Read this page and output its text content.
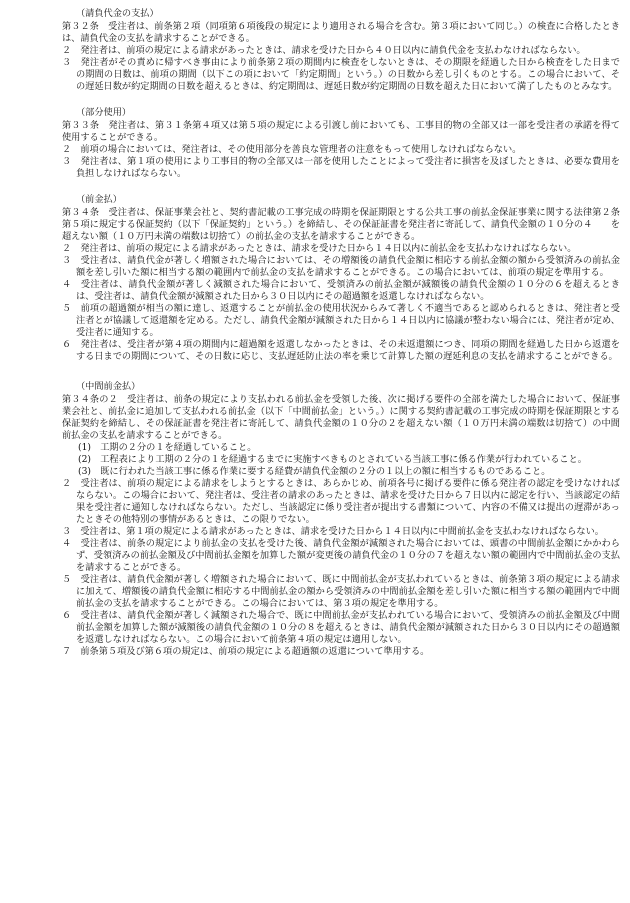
（請負代金の支払）

第３２条　受注者は、前条第２項（同項第６項後段の規定により適用される場合を含む。第３項において同じ。）の検査に合格したときは、請負代金の支払を請求することができる。

２　発注者は、前項の規定による請求があったときは、請求を受けた日から４０日以内に請負代金を支払わなければならない。

３　発注者がその責めに帰すべき事由により前条第２項の期間内に検査をしないときは、その期限を経過した日から検査をした日までの期間の日数は、前項の期間（以下この項において「約定期間」という。）の日数から差し引くものとする。この場合において、その遅延日数が約定期間の日数を超えるときは、約定期間は、遅延日数が約定期間の日数を超えた日において満了したものとみなす。

（部分使用）

第３３条　発注者は、第３１条第４項又は第５項の規定による引渡し前においても、工事目的物の全部又は一部を受注者の承諾を得て使用することができる。

２　前項の場合においては、発注者は、その使用部分を善良な管理者の注意をもって使用しなければならない。

３　発注者は、第１項の使用により工事目的物の全部又は一部を使用したことによって受注者に損害を及ぼしたときは、必要な費用を負担しなければならない。

（前金払）

第３４条　受注者は、保証事業会社と、契約書記載の工事完成の時期を保証期限とする公共工事の前払金保証事業に関する法律第２条第５項に規定する保証契約（以下「保証契約」という。）を締結し、その保証証書を発注者に寄託して、請負代金額の１０分の４　　を超えない額（１０万円未満の端数は切捨て）の前払金の支払を請求することができる。

２　発注者は、前項の規定による請求があったときは、請求を受けた日から１４日以内に前払金を支払わなければならない。

３　受注者は、請負代金が著しく増額された場合においては、その増額後の請負代金額に相応する前払金額の額から受領済みの前払金額を差し引いた額に相当する額の範囲内で前払金の支払を請求することができる。この場合においては、前項の規定を準用する。

４　受注者は、請負代金額が著しく減額された場合において、受領済みの前払金額が減額後の請負代金額の１０分の６を超えるときは、受注者は、請負代金額が減額された日から３０日以内にその超過額を返還しなければならない。

５　前項の超過額が相当の額に達し、返還することが前払金の使用状況からみて著しく不適当であると認められるときは、発注者と受注者とが協議して返還額を定める。ただし、請負代金額が減額された日から１４日以内に協議が整わない場合には、発注者が定め、受注者に通知する。

６　発注者は、受注者が第４項の期間内に超過額を返還しなかったときは、その未返還額につき、同項の期間を経過した日から返還をする日までの期間について、その日数に応じ、支払遅延防止法の率を乗じて計算した額の遅延利息の支払を請求することができる。

（中間前金払）

第３４条の２　受注者は、前条の規定により支払われる前払金を受領した後、次に掲げる要件の全部を満たした場合において、保証事業会社と、前払金に追加して支払われる前払金（以下「中間前払金」という。）に関する契約書記載の工事完成の時期を保証期限とする保証契約を締結し、その保証証書を発注者に寄託して、請負代金額の１０分の２を超えない額（１０万円未満の端数は切捨て）の中間前払金の支払を請求することができる。

(1)　工期の２分の１を経過していること。

(2)　工程表により工期の２分の１を経過するまでに実施すべきものとされている当該工事に係る作業が行われていること。

(3)　既に行われた当該工事に係る作業に要する経費が請負代金額の２分の１以上の額に相当するものであること。

２　受注者は、前項の規定による請求をしようとするときは、あらかじめ、前項各号に掲げる要件に係る発注者の認定を受けなければならない。この場合において、発注者は、受注者の請求のあったときは、請求を受けた日から７日以内に認定を行い、当該認定の結果を受注者に通知しなければならない。ただし、当該認定に係り受注者が提出する書類について、内容の不備又は提出の遅滞があったときその他特別の事情があるときは、この限りでない。

３　受注者は、第１項の規定による請求があったときは、請求を受けた日から１４日以内に中間前払金を支払わなければならない。

４　受注者は、前条の規定により前払金の支払を受けた後、請負代金額が減額された場合においては、頭書の中間前払金額にかかわらず、受領済みの前払金額及び中間前払金額を加算した額が変更後の請負代金の１０分の７を超えない額の範囲内で中間前払金の支払を請求することができる。

５　受注者は、請負代金額が著しく増額された場合において、既に中間前払金が支払われているときは、前条第３項の規定による請求に加えて、増額後の請負代金額に相応する中間前払金の額から受領済みの中間前払金額を差し引いた額に相当する額の範囲内で中間前払金の支払を請求することができる。この場合においては、第３項の規定を準用する。

６　受注者は、請負代金額が著しく減額された場合で、既に中間前払金が支払われている場合において、受領済みの前払金額及び中間前払金額を加算した額が減額後の請負代金額の１０分の８を超えるときは、請負代金額が減額された日から３０日以内にその超過額を返還しなければならない。この場合において前条第４項の規定は適用しない。

７　前条第５項及び第６項の規定は、前項の規定による超過額の返還について準用する。
